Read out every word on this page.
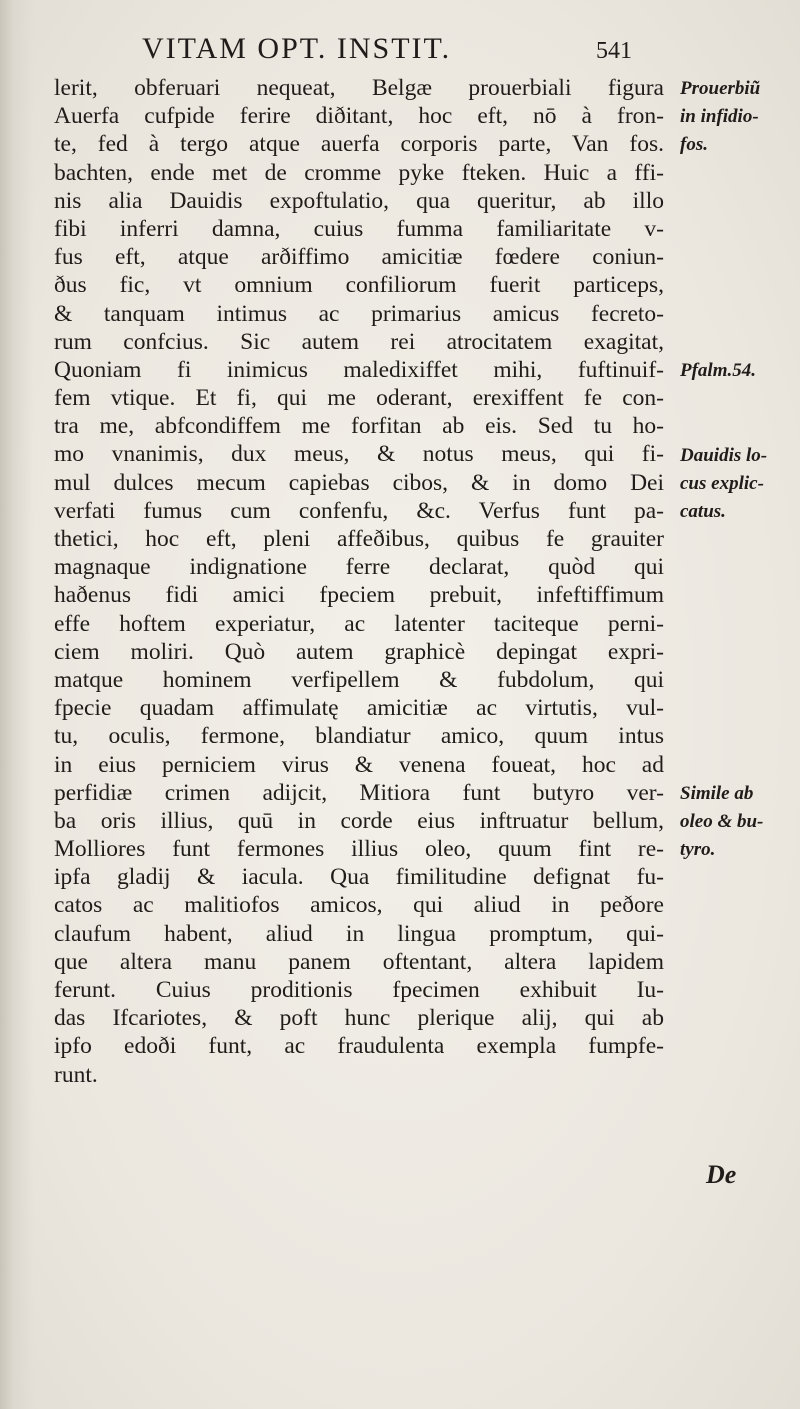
VITAM OPT. INSTIT.	541
lerit, obferuari nequeat, Belgæ prouerbiali figura
Auerfa cufpide ferire diðitant, hoc eft, nō à fron-
te, fed à tergo atque auerfa corporis parte, Van fos.
bachten, ende met de cromme pyke fteken. Huic a ffi-
nis alia Dauidis expoftulatio, qua queritur, ab illo
fibi inferri damna, cuius fumma familiaritate v-
fus eft, atque arðiffimo amicitiæ fœdere coniun-
ðus fic, vt omnium confiliorum fuerit particeps,
& tanquam intimus ac primarius amicus fecreto-
rum confcius. Sic autem rei atrocitatem exagitat,
Quoniam fi inimicus maledixiffet mihi, fuftinuif-
fem vtique. Et fi, qui me oderant, erexiffent fe con-
tra me, abfcondiffem me forfitan ab eis. Sed tu ho-
mo vnanimis, dux meus, & notus meus, qui fi-
mul dulces mecum capiebas cibos, & in domo Dei
verfati fumus cum confenfu, &c. Verfus funt pa-
thetici, hoc eft, pleni affeðibus, quibus fe grauiter
magnaque indignatione ferre declarat, quòd qui
haðenus fidi amici fpeciem prebuit, infeftiffimum
effe hoftem experiatur, ac latenter taciteque perni-
ciem moliri. Quò autem graphicè depingat expri-
matque hominem verfipellem & fubdolum, qui
fpecie quadam affimulatę amicitiæ ac virtutis, vul-
tu, oculis, fermone, blandiatur amico, quum intus
in eius perniciem virus & venena foueat, hoc ad
perfidiæ crimen adijcit, Mitiora funt butyro ver-
ba oris illius, quū in corde eius inftruatur bellum,
Molliores funt fermones illius oleo, quum fint re-
ipfa gladij & iacula. Qua fimilitudine defignat fu-
catos ac malitiofos amicos, qui aliud in peðore
claufum habent, aliud in lingua promptum, qui-
que altera manu panem oftentant, altera lapidem
ferunt. Cuius proditionis fpecimen exhibuit Iu-
das Ifcariotes, & poft hunc plerique alij, qui ab
ipfo edoði funt, ac fraudulenta exempla fumpfe-
runt.
Prouerbiũ
in infidio-
fos.
Pfalm.54.
Dauidis lo-
cus explic-
catus.
Simile ab
oleo & bu-
tyro.
De
